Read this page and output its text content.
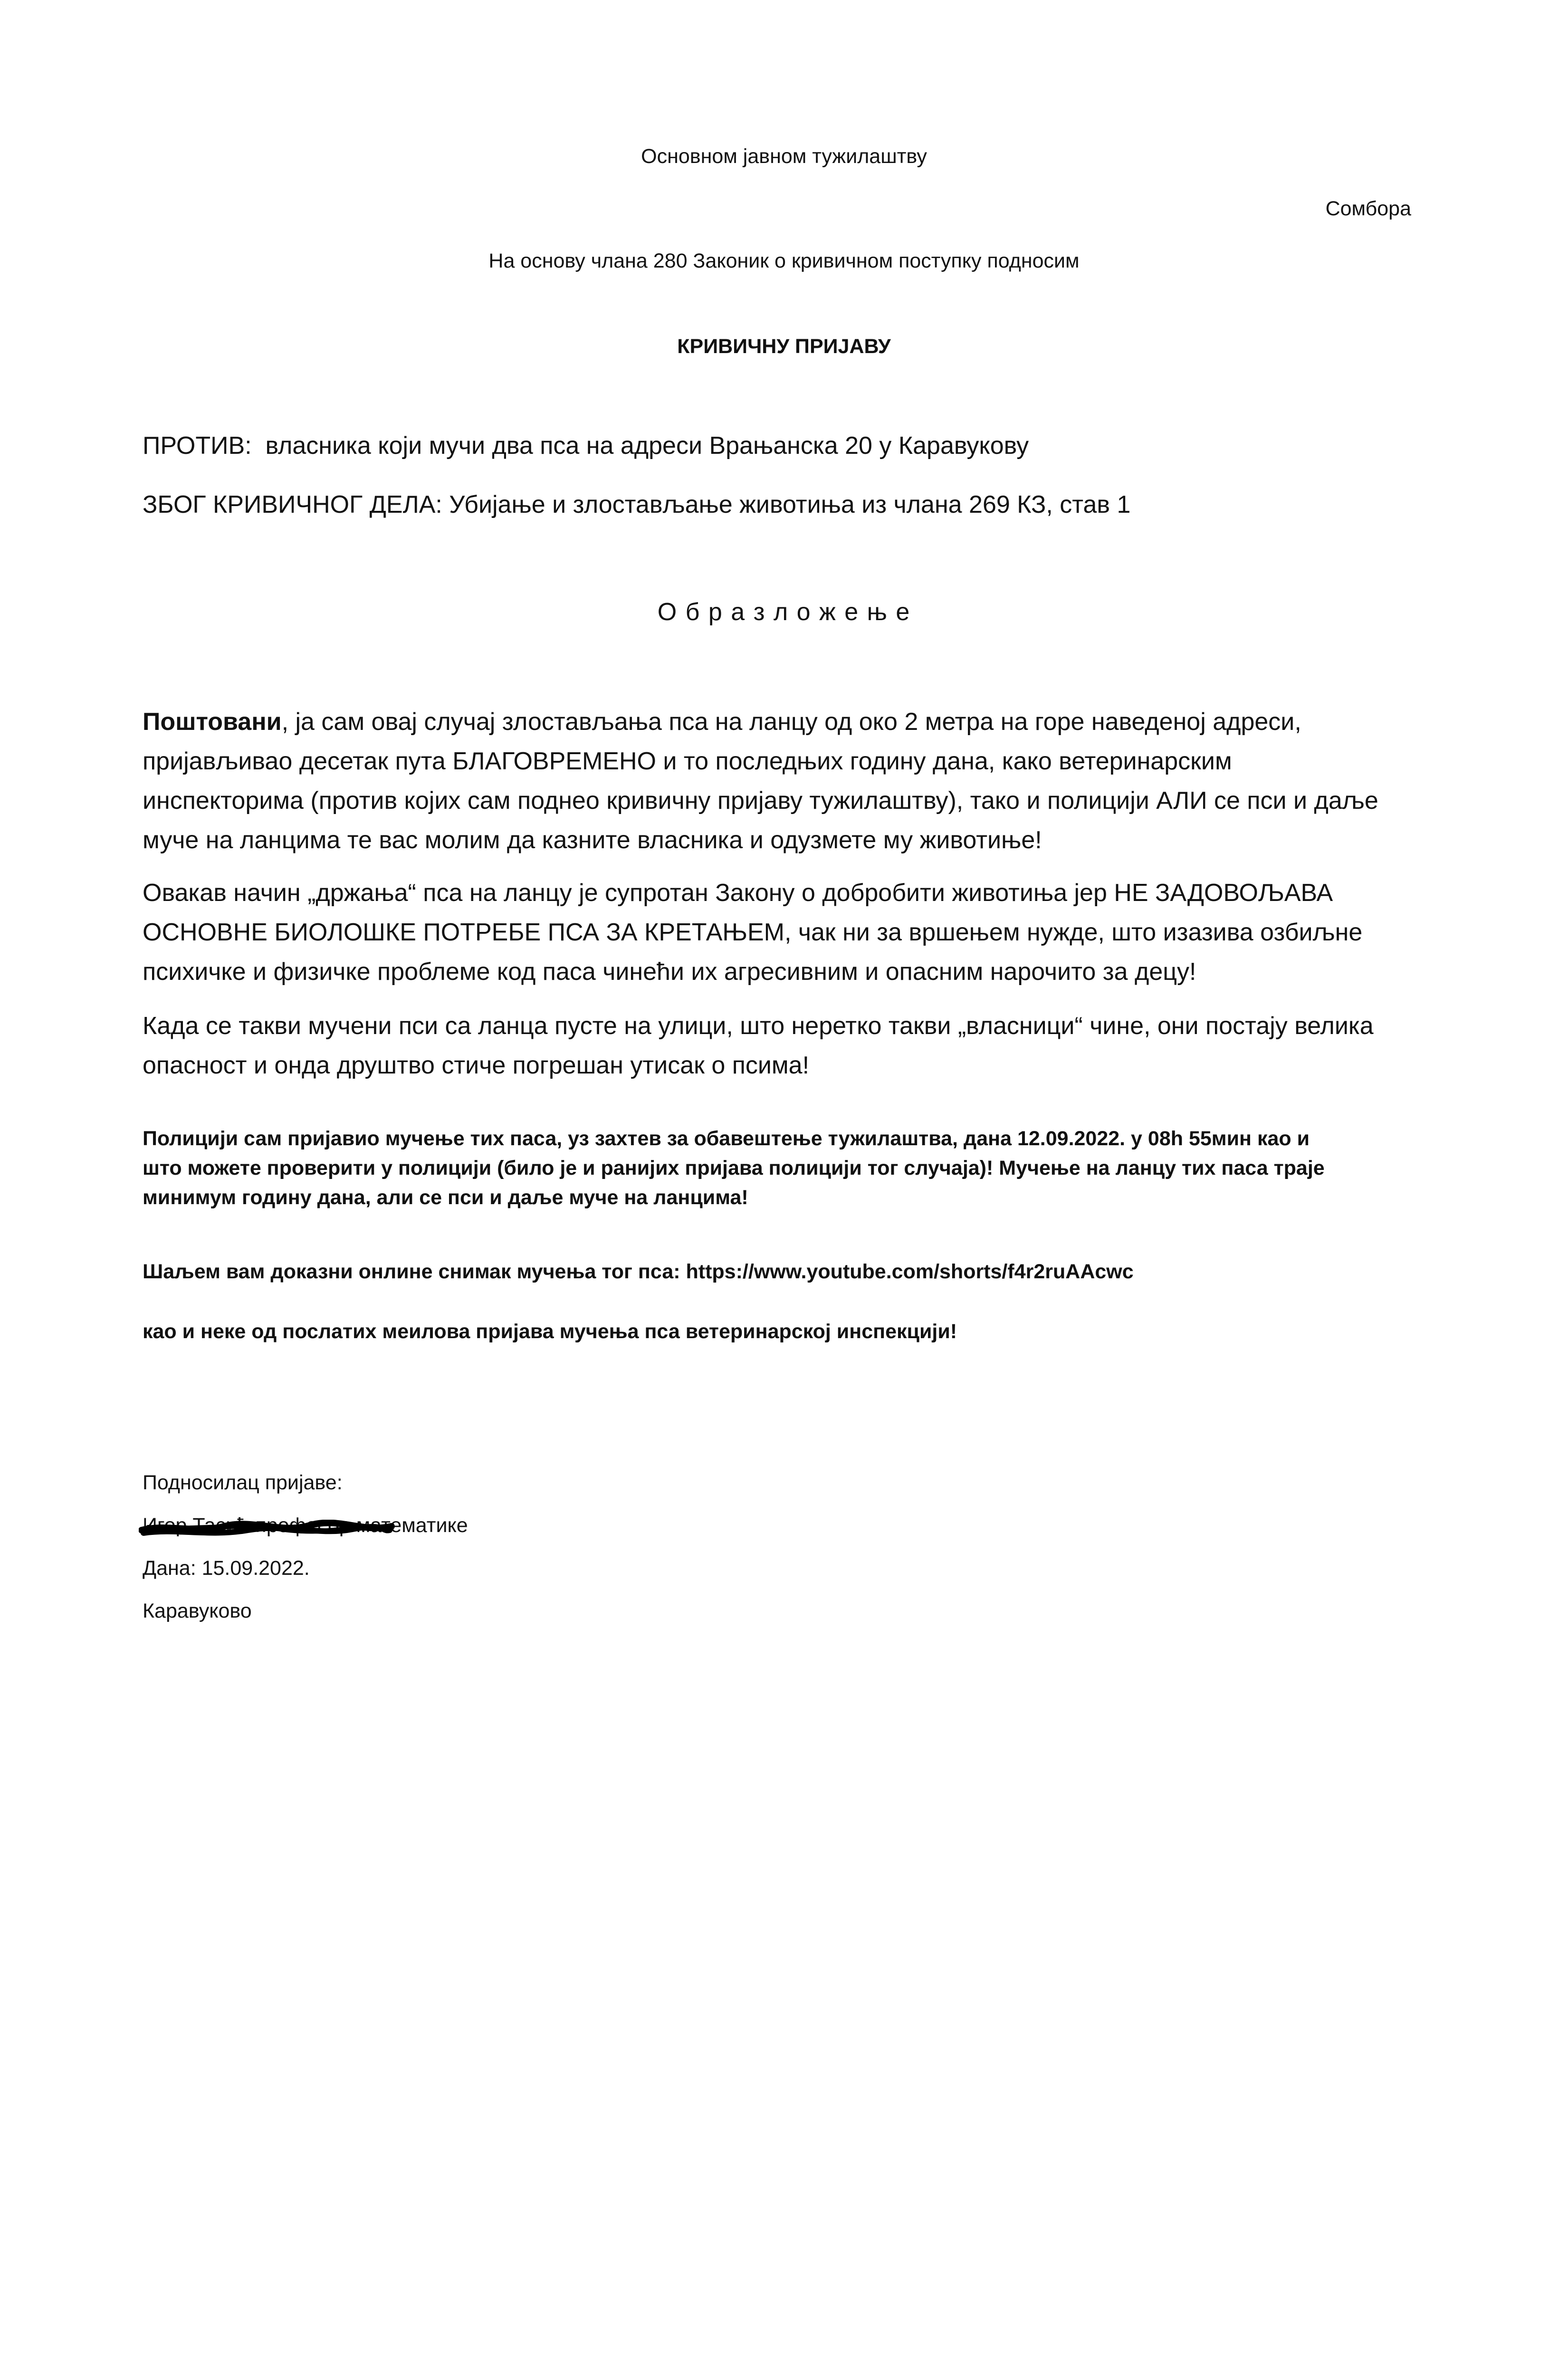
Основном јавном тужилаштву
Сомбора
На основу члана 280 Законик о кривичном поступку подносим
КРИВИЧНУ ПРИЈАВУ
ПРОТИВ: власника који мучи два пса на адреси Врањанска 20 у Каравукову
ЗБОГ КРИВИЧНОГ ДЕЛА: Убијање и злостављање животиња из члана 269 КЗ, став 1
О б р а з л о ж е њ е
Поштовани, ја сам овај случај злостављања пса на ланцу од око 2 метра на горе наведеној адреси,
пријављивао десетак пута БЛАГОВРЕМЕНО и то последњих годину дана, како ветеринарским
инспекторима (против којих сам поднео кривичну пријаву тужилаштву), тако и полицији АЛИ се пси и даље
муче на ланцима те вас молим да казните власника и одузмете му животиње!
Овакав начин „држања“ пса на ланцу је супротан Закону о добробити животиња јер НЕ ЗАДОВОЉАВА
ОСНОВНЕ БИОЛОШКЕ ПОТРЕБЕ ПСА ЗА КРЕТАЊЕМ, чак ни за вршењем нужде, што изазива озбиљне
психичке и физичке проблеме код паса чинећи их агресивним и опасним нарочито за децу!
Када се такви мучени пси са ланца пусте на улици, што неретко такви „власници“ чине, они постају велика
опасност и онда друштво стиче погрешан утисак о псима!
Полицији сам пријавио мучење тих паса, уз захтев за обавештење тужилаштва, дана 12.09.2022. у 08h 55мин као и
што можете проверити у полицији (било је и ранијих пријава полицији тог случаја)! Мучење на ланцу тих паса траје
минимум годину дана, али се пси и даље муче на ланцима!
Шаљем вам доказни онлине снимак мучења тог пса: https://www.youtube.com/shorts/f4r2ruAAcwc
као и неке од послатих меилова пријава мучења пса ветеринарској инспекцији!
Подносилац пријаве:
Игор Тасић-професор математике
Дана: 15.09.2022.
Каравуково
